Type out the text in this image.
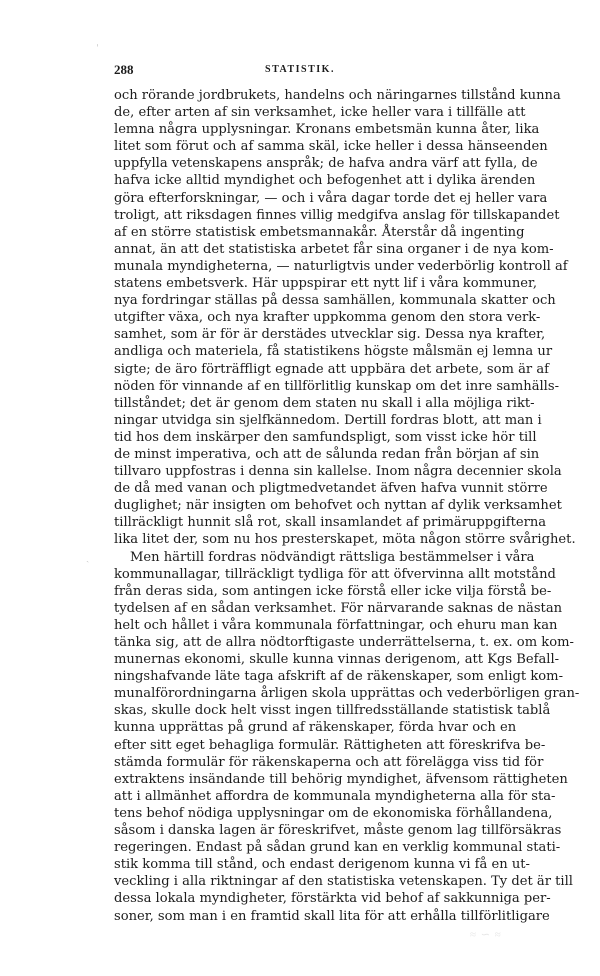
288	STATISTIK.
och rörande jordbrukets, handelns och näringarnes tillstånd kunna
de, efter arten af sin verksamhet, icke heller vara i tillfälle att
lemna några upplysningar. Kronans embetsmän kunna åter, lika
litet som förut och af samma skäl, icke heller i dessa hänseenden
uppfylla vetenskapens anspråk; de hafva andra värf att fylla, de
hafva icke alltid myndighet och befogenhet att i dylika ärenden
göra efterforskningar, — och i våra dagar torde det ej heller vara
troligt, att riksdagen finnes villig medgifva anslag för tillskapandet
af en större statistisk embetsmannakår. Återstår då ingenting
annat, än att det statistiska arbetet får sina organer i de nya kom-
munala myndigheterna, — naturligtvis under vederbörlig kontroll af
statens embetsverk. Här uppspirar ett nytt lif i våra kommuner,
nya fordringar ställas på dessa samhällen, kommunala skatter och
utgifter växa, och nya krafter uppkomma genom den stora verk-
samhet, som är för är derstädes utvecklar sig. Dessa nya krafter,
andliga och materiela, få statistikens högste målsmän ej lemna ur
sigte; de äro förträffligt egnade att uppbära det arbete, som är af
nöden för vinnande af en tillförlitlig kunskap om det inre samhälls-
tillståndet; det är genom dem staten nu skall i alla möjliga rikt-
ningar utvidga sin sjelfkännedom. Dertill fordras blott, att man i
tid hos dem inskärper den samfundspligt, som visst icke hör till
de minst imperativa, och att de sålunda redan från början af sin
tillvaro uppfostras i denna sin kallelse. Inom några decennier skola
de då med vanan och pligtmedvetandet äfven hafva vunnit större
duglighet; när insigten om behofvet och nyttan af dylik verksamhet
tillräckligt hunnit slå rot, skall insamlandet af primäruppgifterna
lika litet der, som nu hos presterskapet, möta någon större svårighet.
Men härtill fordras nödvändigt rättsliga bestämmelser i våra
kommunallagar, tillräckligt tydliga för att öfvervinna allt motstånd
från deras sida, som antingen icke förstå eller icke vilja förstå be-
tydelsen af en sådan verksamhet. För närvarande saknas de nästan
helt och hållet i våra kommunala författningar, och ehuru man kan
tänka sig, att de allra nödtorftigaste underrättelserna, t. ex. om kom-
munernas ekonomi, skulle kunna vinnas derigenom, att Kgs Befall-
ningshafvande läte taga afskrift af de räkenskaper, som enligt kom-
munalförordningarna årligen skola upprättas och vederbörligen gran-
skas, skulle dock helt visst ingen tillfredsställande statistisk tablå
kunna upprättas på grund af räkenskaper, förda hvar och en
efter sitt eget behagliga formulär. Rättigheten att föreskrifva be-
stämda formulär för räkenskaperna och att förelägga viss tid för
extraktens insändande till behörig myndighet, äfvensom rättigheten
att i allmänhet affordra de kommunala myndigheterna alla för sta-
tens behof nödiga upplysningar om de ekonomiska förhållandena,
såsom i danska lagen är föreskrifvet, måste genom lag tillförsäkras
regeringen. Endast på sådan grund kan en verklig kommunal stati-
stik komma till stånd, och endast derigenom kunna vi få en ut-
veckling i alla riktningar af den statistiska vetenskapen. Ty det är till
dessa lokala myndigheter, förstärkta vid behof af sakkunniga per-
soner, som man i en framtid skall lita för att erhålla tillförlitligare
ˈ
ˎ
≈ ∽ ≈
